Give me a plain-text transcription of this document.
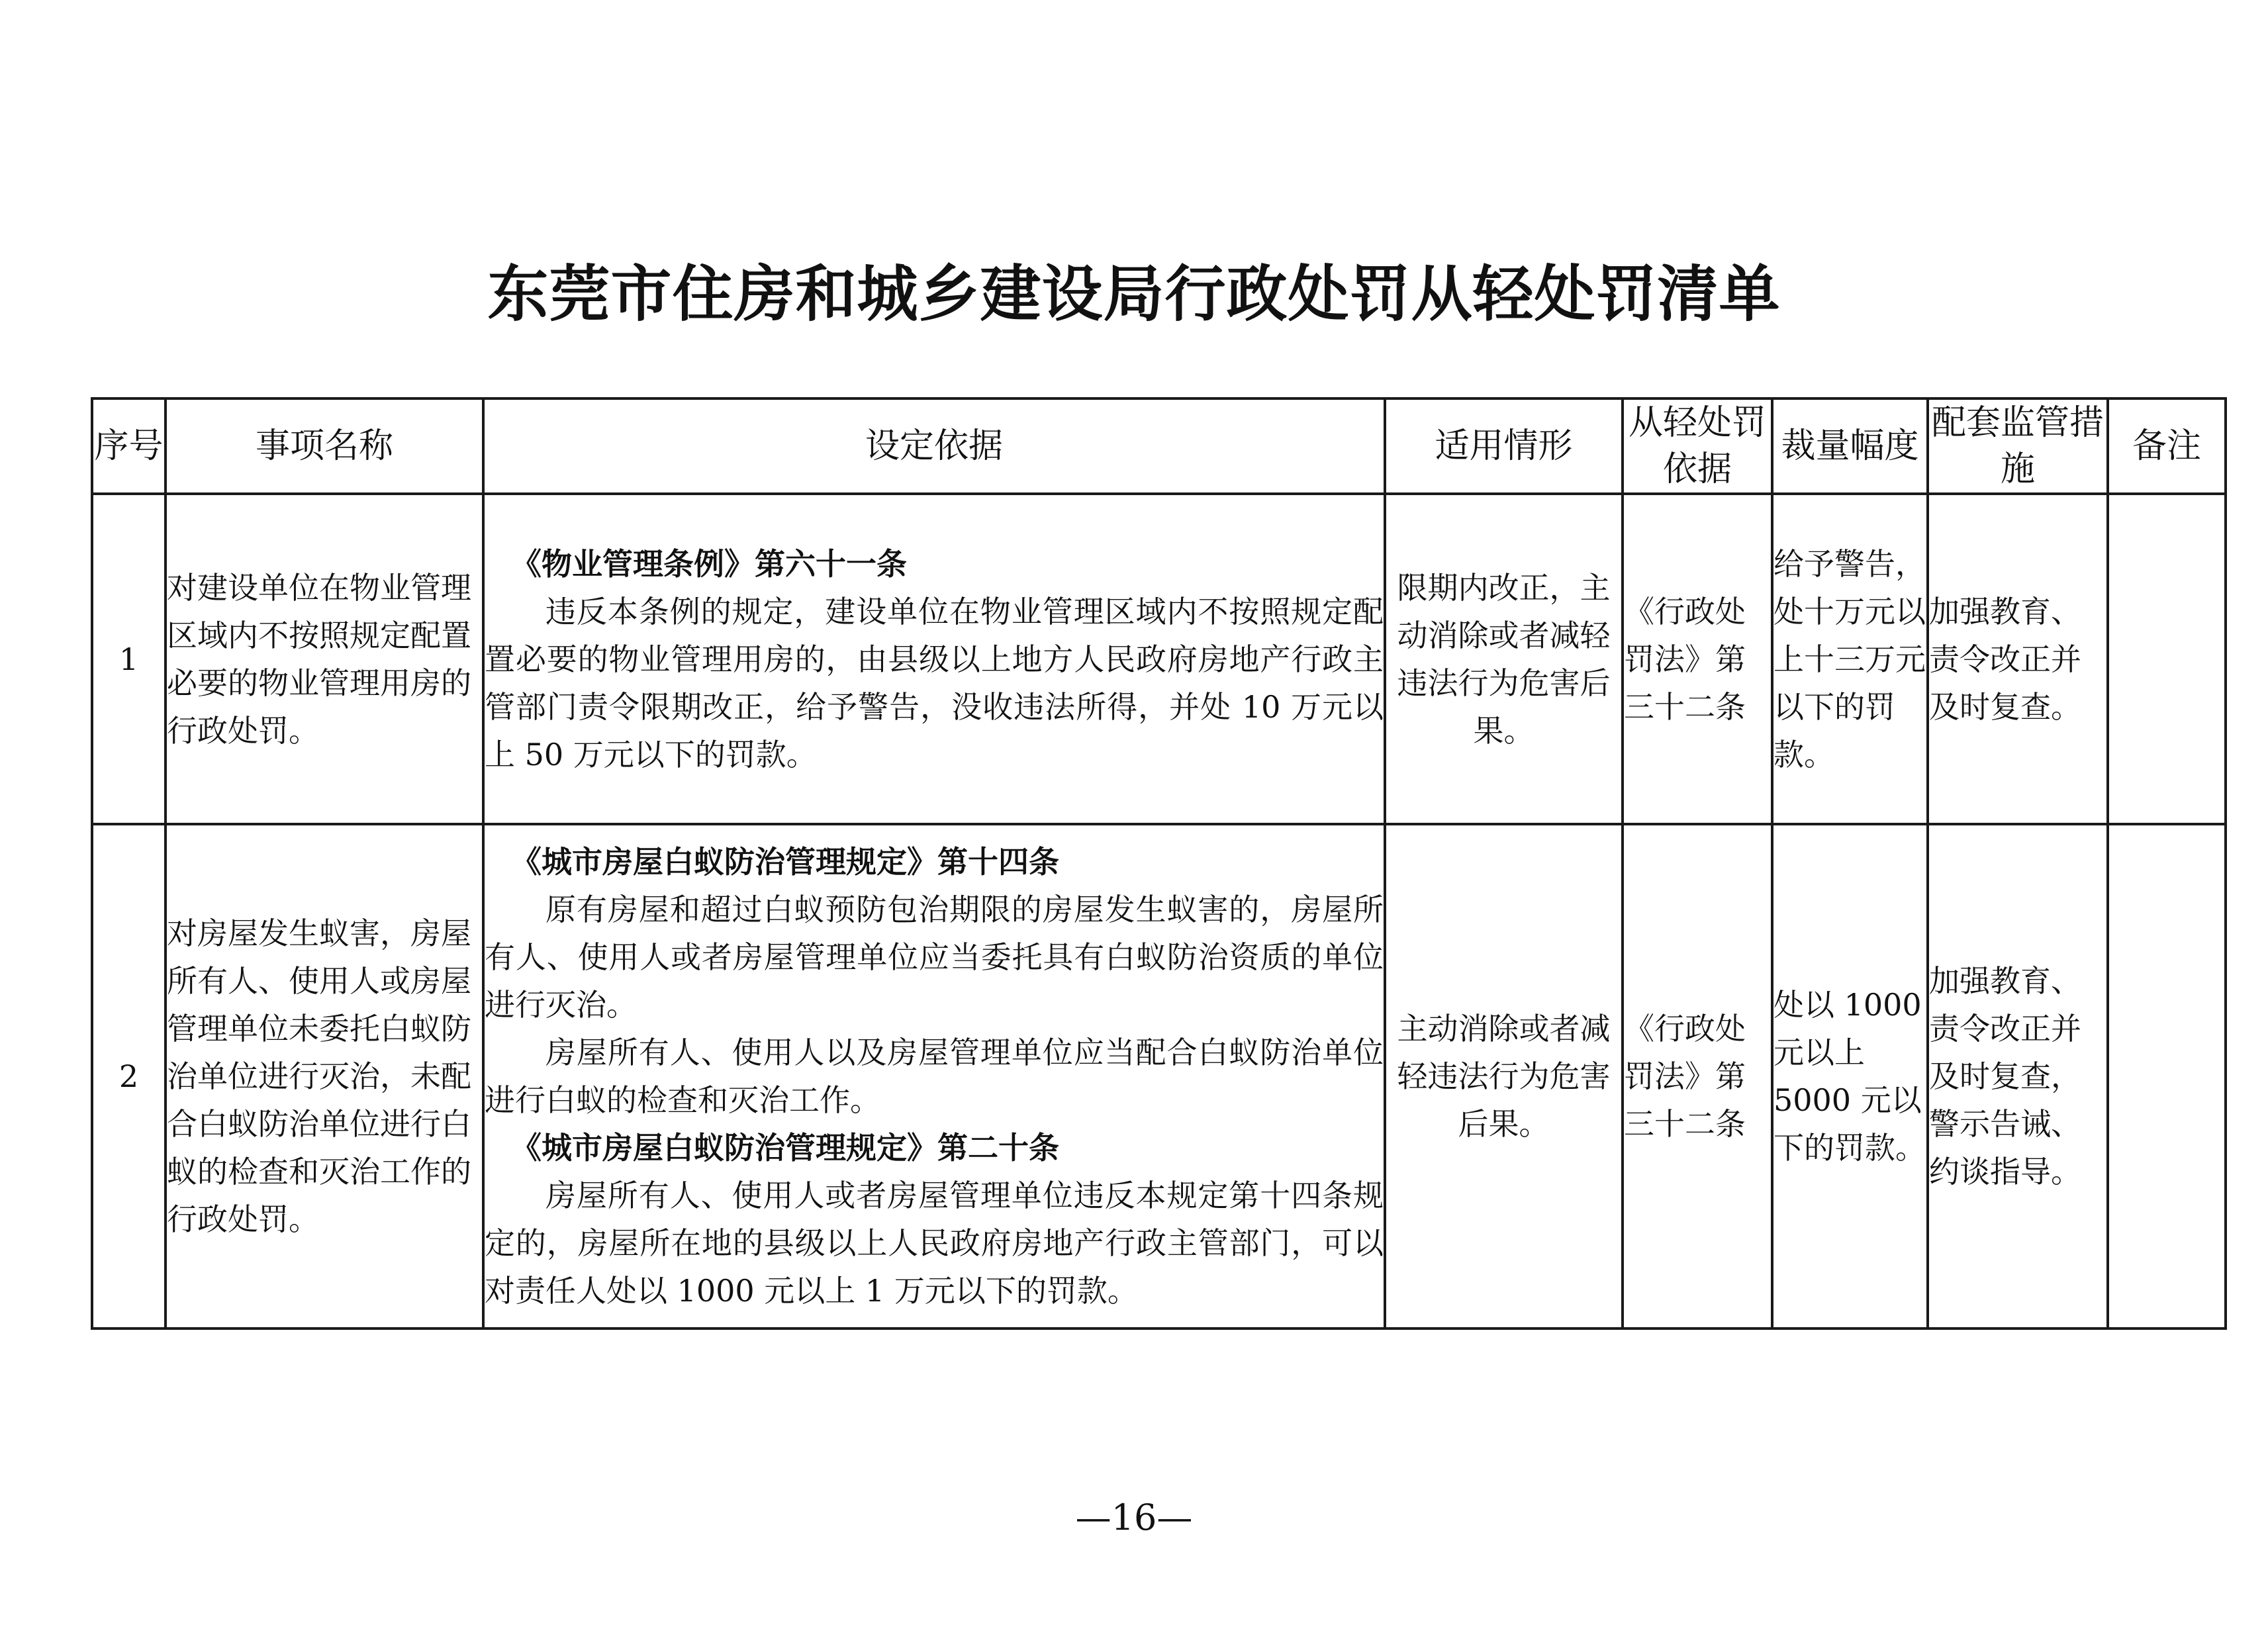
东莞市住房和城乡建设局行政处罚从轻处罚清单
序号	事项名称	设定依据	适用情形	从轻处罚依据	裁量幅度	配套监管措施	备注
1	对建设单位在物业管理区域内不按照规定配置必要的物业管理用房的行政处罚。	《物业管理条例》第六十一条
违反本条例的规定，建设单位在物业管理区域内不按照规定配置必要的物业管理用房的，由县级以上地方人民政府房地产行政主管部门责令限期改正，给予警告，没收违法所得，并处 10 万元以上 50 万元以下的罚款。	限期内改正，主动消除或者减轻违法行为危害后果。	《行政处罚法》第三十二条	给予警告，处十万元以上十三万元以下的罚款。	加强教育、责令改正并及时复查。	
2	对房屋发生蚁害，房屋所有人、使用人或房屋管理单位未委托白蚁防治单位进行灭治，未配合白蚁防治单位进行白蚁的检查和灭治工作的行政处罚。	《城市房屋白蚁防治管理规定》第十四条
原有房屋和超过白蚁预防包治期限的房屋发生蚁害的，房屋所有人、使用人或者房屋管理单位应当委托具有白蚁防治资质的单位进行灭治。
房屋所有人、使用人以及房屋管理单位应当配合白蚁防治单位进行白蚁的检查和灭治工作。
《城市房屋白蚁防治管理规定》第二十条
房屋所有人、使用人或者房屋管理单位违反本规定第十四条规定的，房屋所在地的县级以上人民政府房地产行政主管部门，可以对责任人处以 1000 元以上 1 万元以下的罚款。	主动消除或者减轻违法行为危害后果。	《行政处罚法》第三十二条	处以 1000 元以上 5000 元以下的罚款。	加强教育、责令改正并及时复查，警示告诫、约谈指导。	
—16—
